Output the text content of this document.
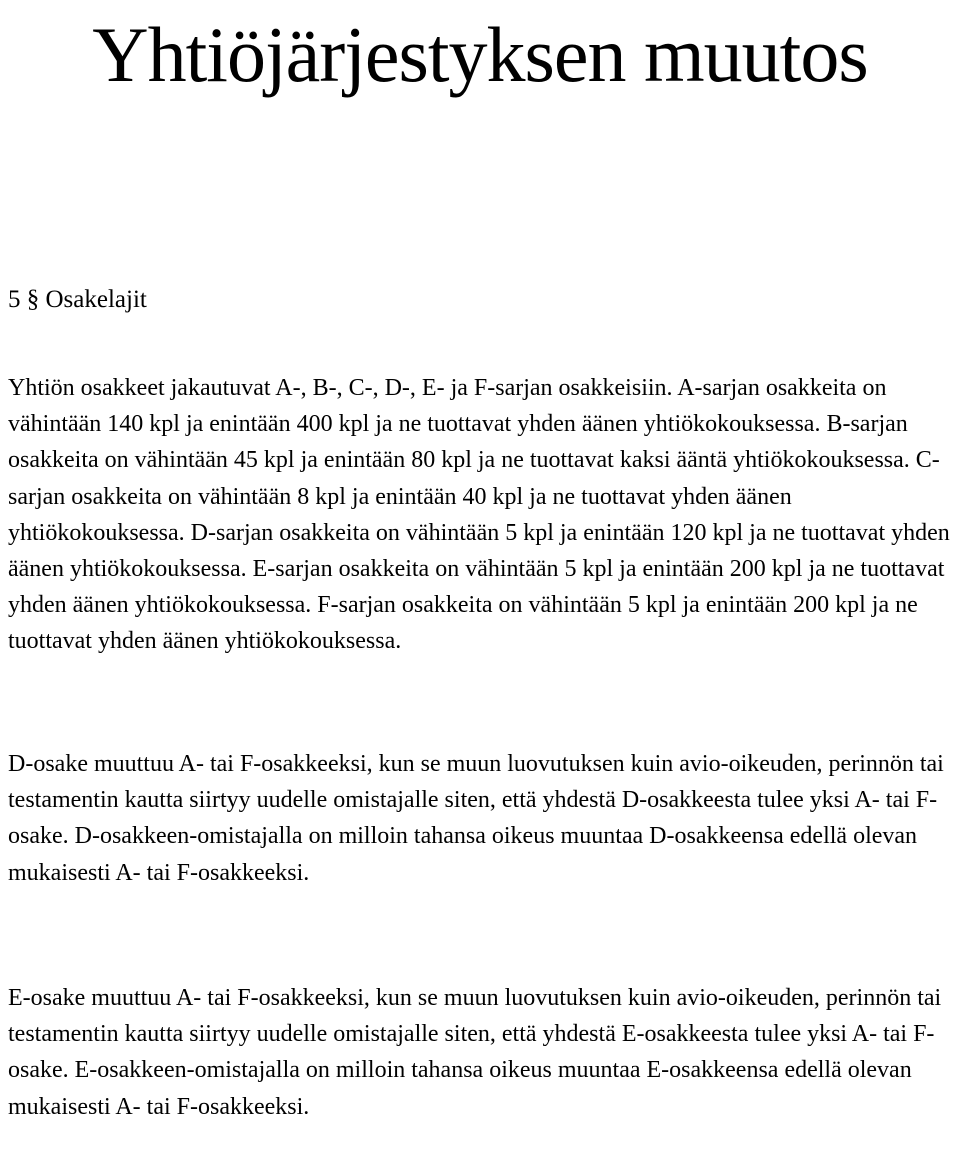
Yhtiöjärjestyksen muutos

5 § Osakelajit

Yhtiön osakkeet jakautuvat A-, B-, C-, D-, E- ja F-sarjan osakkeisiin. A-sarjan osakkeita on vähintään 140 kpl ja enintään 400 kpl ja ne tuottavat yhden äänen yhtiökokouksessa. B-sarjan osakkeita on vähintään 45 kpl ja enintään 80 kpl ja ne tuottavat kaksi ääntä yhtiökokouksessa. C-sarjan osakkeita on vähintään 8 kpl ja enintään 40 kpl ja ne tuottavat yhden äänen yhtiökokouksessa. D-sarjan osakkeita on vähintään 5 kpl ja enintään 120 kpl ja ne tuottavat yhden äänen yhtiökokouksessa. E-sarjan osakkeita on vähintään 5 kpl ja enintään 200 kpl ja ne tuottavat yhden äänen yhtiökokouksessa. F-sarjan osakkeita on vähintään 5 kpl ja enintään 200 kpl ja ne tuottavat yhden äänen yhtiökokouksessa.

D-osake muuttuu A- tai F-osakkeeksi, kun se muun luovutuksen kuin avio-oikeuden, perinnön tai testamentin kautta siirtyy uudelle omistajalle siten, että yhdestä D-osakkeesta tulee yksi A- tai F-osake. D-osakkeen-omistajalla on milloin tahansa oikeus muuntaa D-osakkeensa edellä olevan mukaisesti A- tai F-osakkeeksi.

E-osake muuttuu A- tai F-osakkeeksi, kun se muun luovutuksen kuin avio-oikeuden, perinnön tai testamentin kautta siirtyy uudelle omistajalle siten, että yhdestä E-osakkeesta tulee yksi A- tai F-osake. E-osakkeen-omistajalla on milloin tahansa oikeus muuntaa E-osakkeensa edellä olevan mukaisesti A- tai F-osakkeeksi.
